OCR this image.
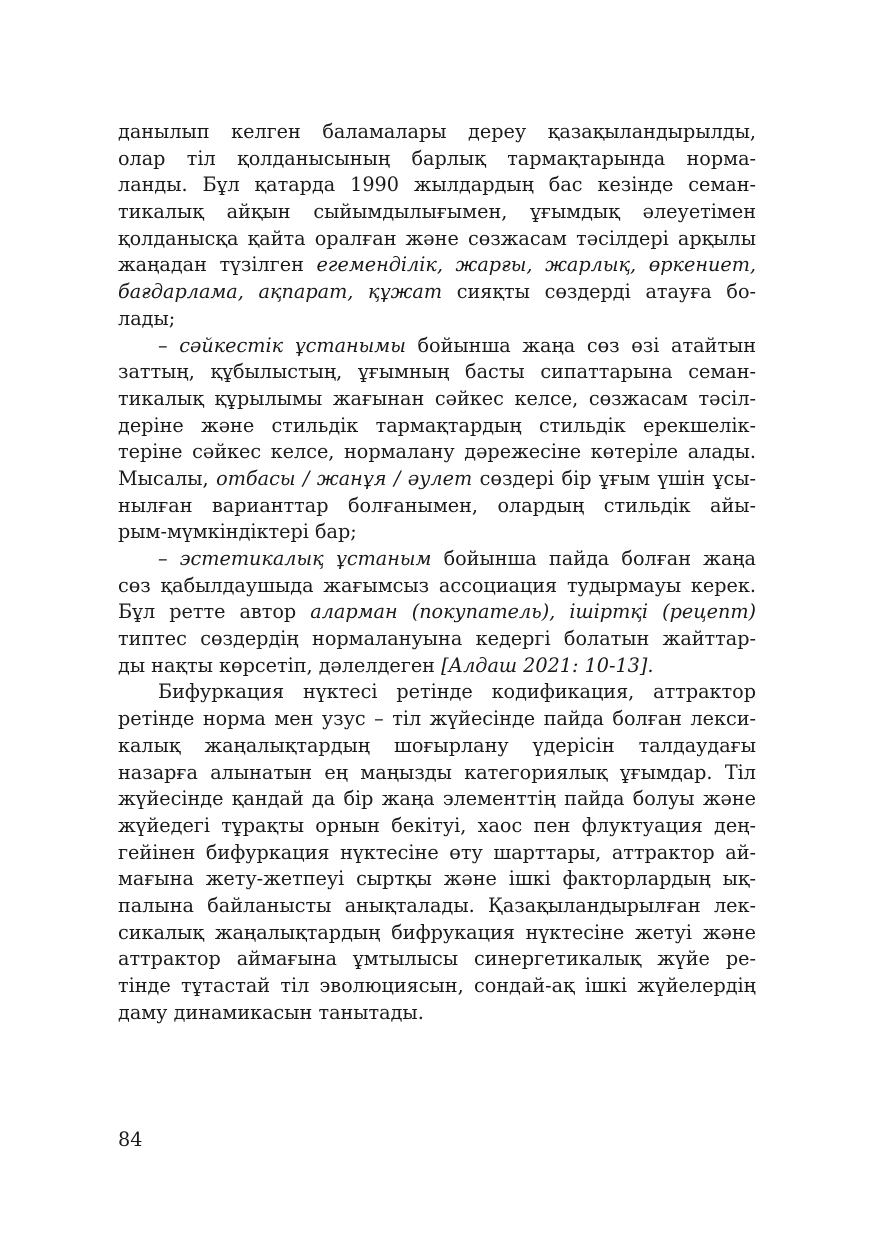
данылып келген баламалары дереу қазақыландырылды,
олар тіл қолданысының барлық тармақтарында норма-
ланды. Бұл қатарда 1990 жылдардың бас кезінде семан-
тикалық айқын сыйымдылығымен, ұғымдық әлеуетімен
қолданысқа қайта оралған және сөзжасам тәсілдері арқылы
жаңадан түзілген егемендiлiк, жарғы, жарлық, өркениет,
бағдарлама, ақпарат, құжат сияқты сөздерді атауға бо-
лады;
– сәйкестік ұстанымы бойынша жаңа сөз өзі атайтын
заттың, құбылыстың, ұғымның басты сипаттарына семан-
тикалық құрылымы жағынан сәйкес келсе, сөзжасам тәсіл-
деріне және стильдік тармақтардың стильдік ерекшелік-
теріне сәйкес келсе, нормалану дәрежесіне көтеріле алады.
Мысалы, отбасы / жанұя / әулет сөздері бір ұғым үшін ұсы-
нылған варианттар болғанымен, олардың стильдік айы-
рым-мүмкіндіктері бар;
– эстетикалық ұстаным бойынша пайда болған жаңа
сөз қабылдаушыда жағымсыз ассоциация тудырмауы керек.
Бұл ретте автор аларман (покупатель), iшiртқi (рецепт)
типтес сөздердің нормалануына кедергі болатын жайттар-
ды нақты көрсетіп, дәлелдеген [Алдаш 2021: 10-13].
Бифуркация нүктесі ретінде кодификация, аттрактор
ретінде норма мен узус – тіл жүйесінде пайда болған лекси-
калық жаңалықтардың шоғырлану үдерісін талдаудағы
назарға алынатын ең маңызды категориялық ұғымдар. Тіл
жүйесінде қандай да бір жаңа элементтің пайда болуы және
жүйедегі тұрақты орнын бекітуі, хаос пен флуктуация дең-
гейінен бифуркация нүктесіне өту шарттары, аттрактор ай-
мағына жету-жетпеуі сыртқы және ішкі факторлардың ық-
палына байланысты анықталады. Қазақыландырылған лек-
сикалық жаңалықтардың бифрукация нүктесіне жетуі және
аттрактор аймағына ұмтылысы синергетикалық жүйе ре-
тінде тұтастай тіл эволюциясын, сондай-ақ ішкі жүйелердің
даму динамикасын танытады.
84
